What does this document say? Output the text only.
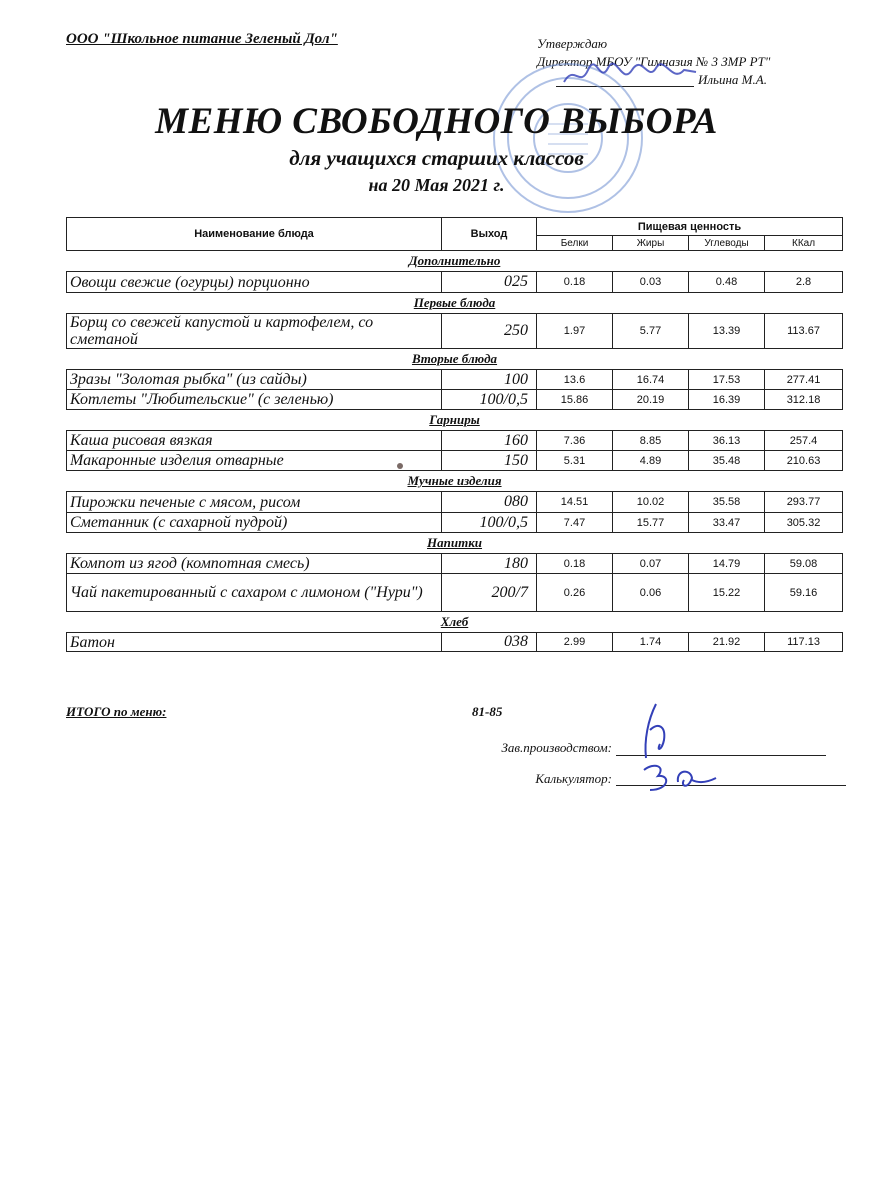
ООО "Школьное питание Зеленый Дол"	Утверждаю
Директор МБОУ "Гимназия № 3 ЗМР РТ"
Ильина М.А.
МЕНЮ СВОБОДНОГО ВЫБОРА
для учащихся старших классов
на 20 Мая 2021 г.
Наименование блюда	Выход	Пищевая ценность			
		Белки	Жиры	Углеводы	ККал
Дополнительно					
Овощи свежие (огурцы) порционно	025	0.18	0.03	0.48	2.8
Первые блюда					
Борщ со свежей капустой и картофелем, со сметаной	250	1.97	5.77	13.39	113.67
Вторые блюда					
Зразы "Золотая рыбка" (из сайды)	100	13.6	16.74	17.53	277.41
Котлеты "Любительские" (с зеленью)	100/0,5	15.86	20.19	16.39	312.18
Гарниры					
Каша рисовая вязкая	160	7.36	8.85	36.13	257.4
Макаронные изделия отварные	150	5.31	4.89	35.48	210.63
Мучные изделия					
Пирожки печеные с мясом, рисом	080	14.51	10.02	35.58	293.77
Сметанник (с сахарной пудрой)	100/0,5	7.47	15.77	33.47	305.32
Напитки					
Компот из ягод (компотная смесь)	180	0.18	0.07	14.79	59.08
Чай пакетированный с сахаром с лимоном ("Нури")	200/7	0.26	0.06	15.22	59.16
Хлеб					
Батон	038	2.99	1.74	21.92	117.13
ИТОГО по меню:	81-85
Зав.производством:
Калькулятор:
